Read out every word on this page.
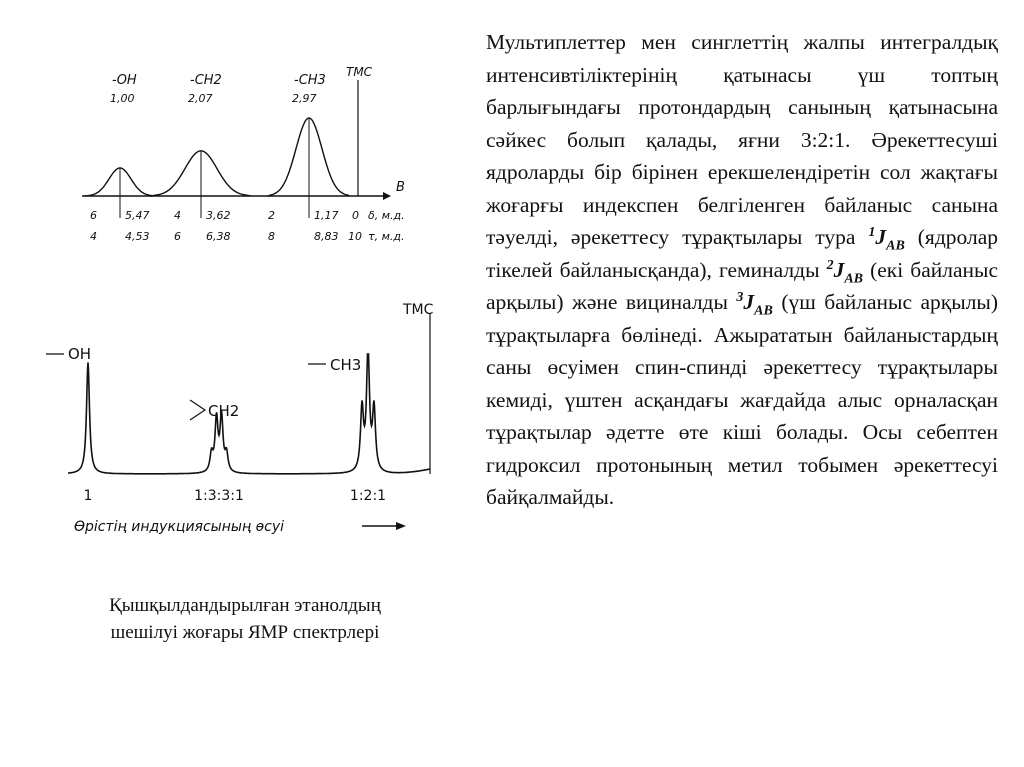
B
ТМС
-OH
1,00
5,47
4,53
-CH2
2,07
3,62
6,38
-CH3
2,97
1,17
8,83
6	4	2	0
4	6	8	10
δ, м.д.
τ, м.д.
ТМС
OH
CH2
CH3
1	1:3:3:1	1:2:1
Өрістің индукциясының өсуі
Қышқылдандырылған этанолдың
шешілуі жоғары ЯМР спектрлері
Мультиплеттер мен синглеттің жалпы интегралдық интенсивтіліктерінің қатынасы үш топтың барлығындағы протондардың санының қатынасына сәйкес болып қалады, яғни 3:2:1. Әрекеттесуші ядроларды бір бірінен ерекшелендіретін сол жақтағы жоғарғы индекспен белгіленген байланыс санына тәуелді, әрекеттесу тұрақтылары тура $^1J_{AB}$ (ядролар тікелей байланысқанда), геминалды $^2J_{AB}$ (екі байланыс арқылы) және вициналды $^3J_{AB}$ (үш байланыс арқылы) тұрақтыларға бөлінеді. Ажырататын байланыстардың саны өсуімен спин-спинді әрекеттесу тұрақтылары кемиді, үштен асқандағы жағдайда алыс орналасқан тұрақтылар әдетте өте кіші болады. Осы себептен гидроксил протонының метил тобымен әрекеттесуі байқалмайды.
